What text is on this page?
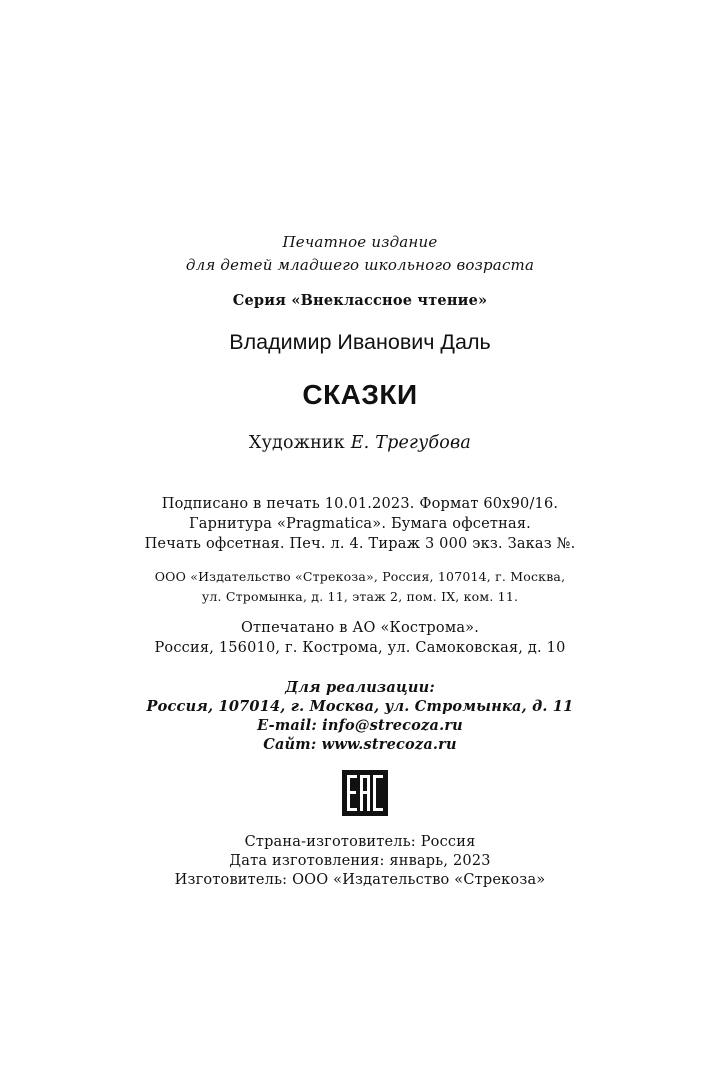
Печатное издание
для детей младшего школьного возраста
Серия «Внеклассное чтение»
Владимир Иванович Даль
СКАЗКИ
Художник Е. Трегубова
Подписано в печать 10.01.2023. Формат 60х90/16.
Гарнитура «Pragmatica». Бумага офсетная.
Печать офсетная. Печ. л. 4. Тираж 3 000 экз. Заказ №.
ООО «Издательство «Стрекоза», Россия, 107014, г. Москва,
ул. Стромынка, д. 11, этаж 2, пом. IX, ком. 11.
Отпечатано в АО «Кострома».
Россия, 156010, г. Кострома, ул. Самоковская, д. 10
Для реализации:
Россия, 107014, г. Москва, ул. Стромынка, д. 11
E-mail: info@strecoza.ru
Сайт: www.strecoza.ru
Страна-изготовитель: Россия
Дата изготовления: январь, 2023
Изготовитель: ООО «Издательство «Стрекоза»
